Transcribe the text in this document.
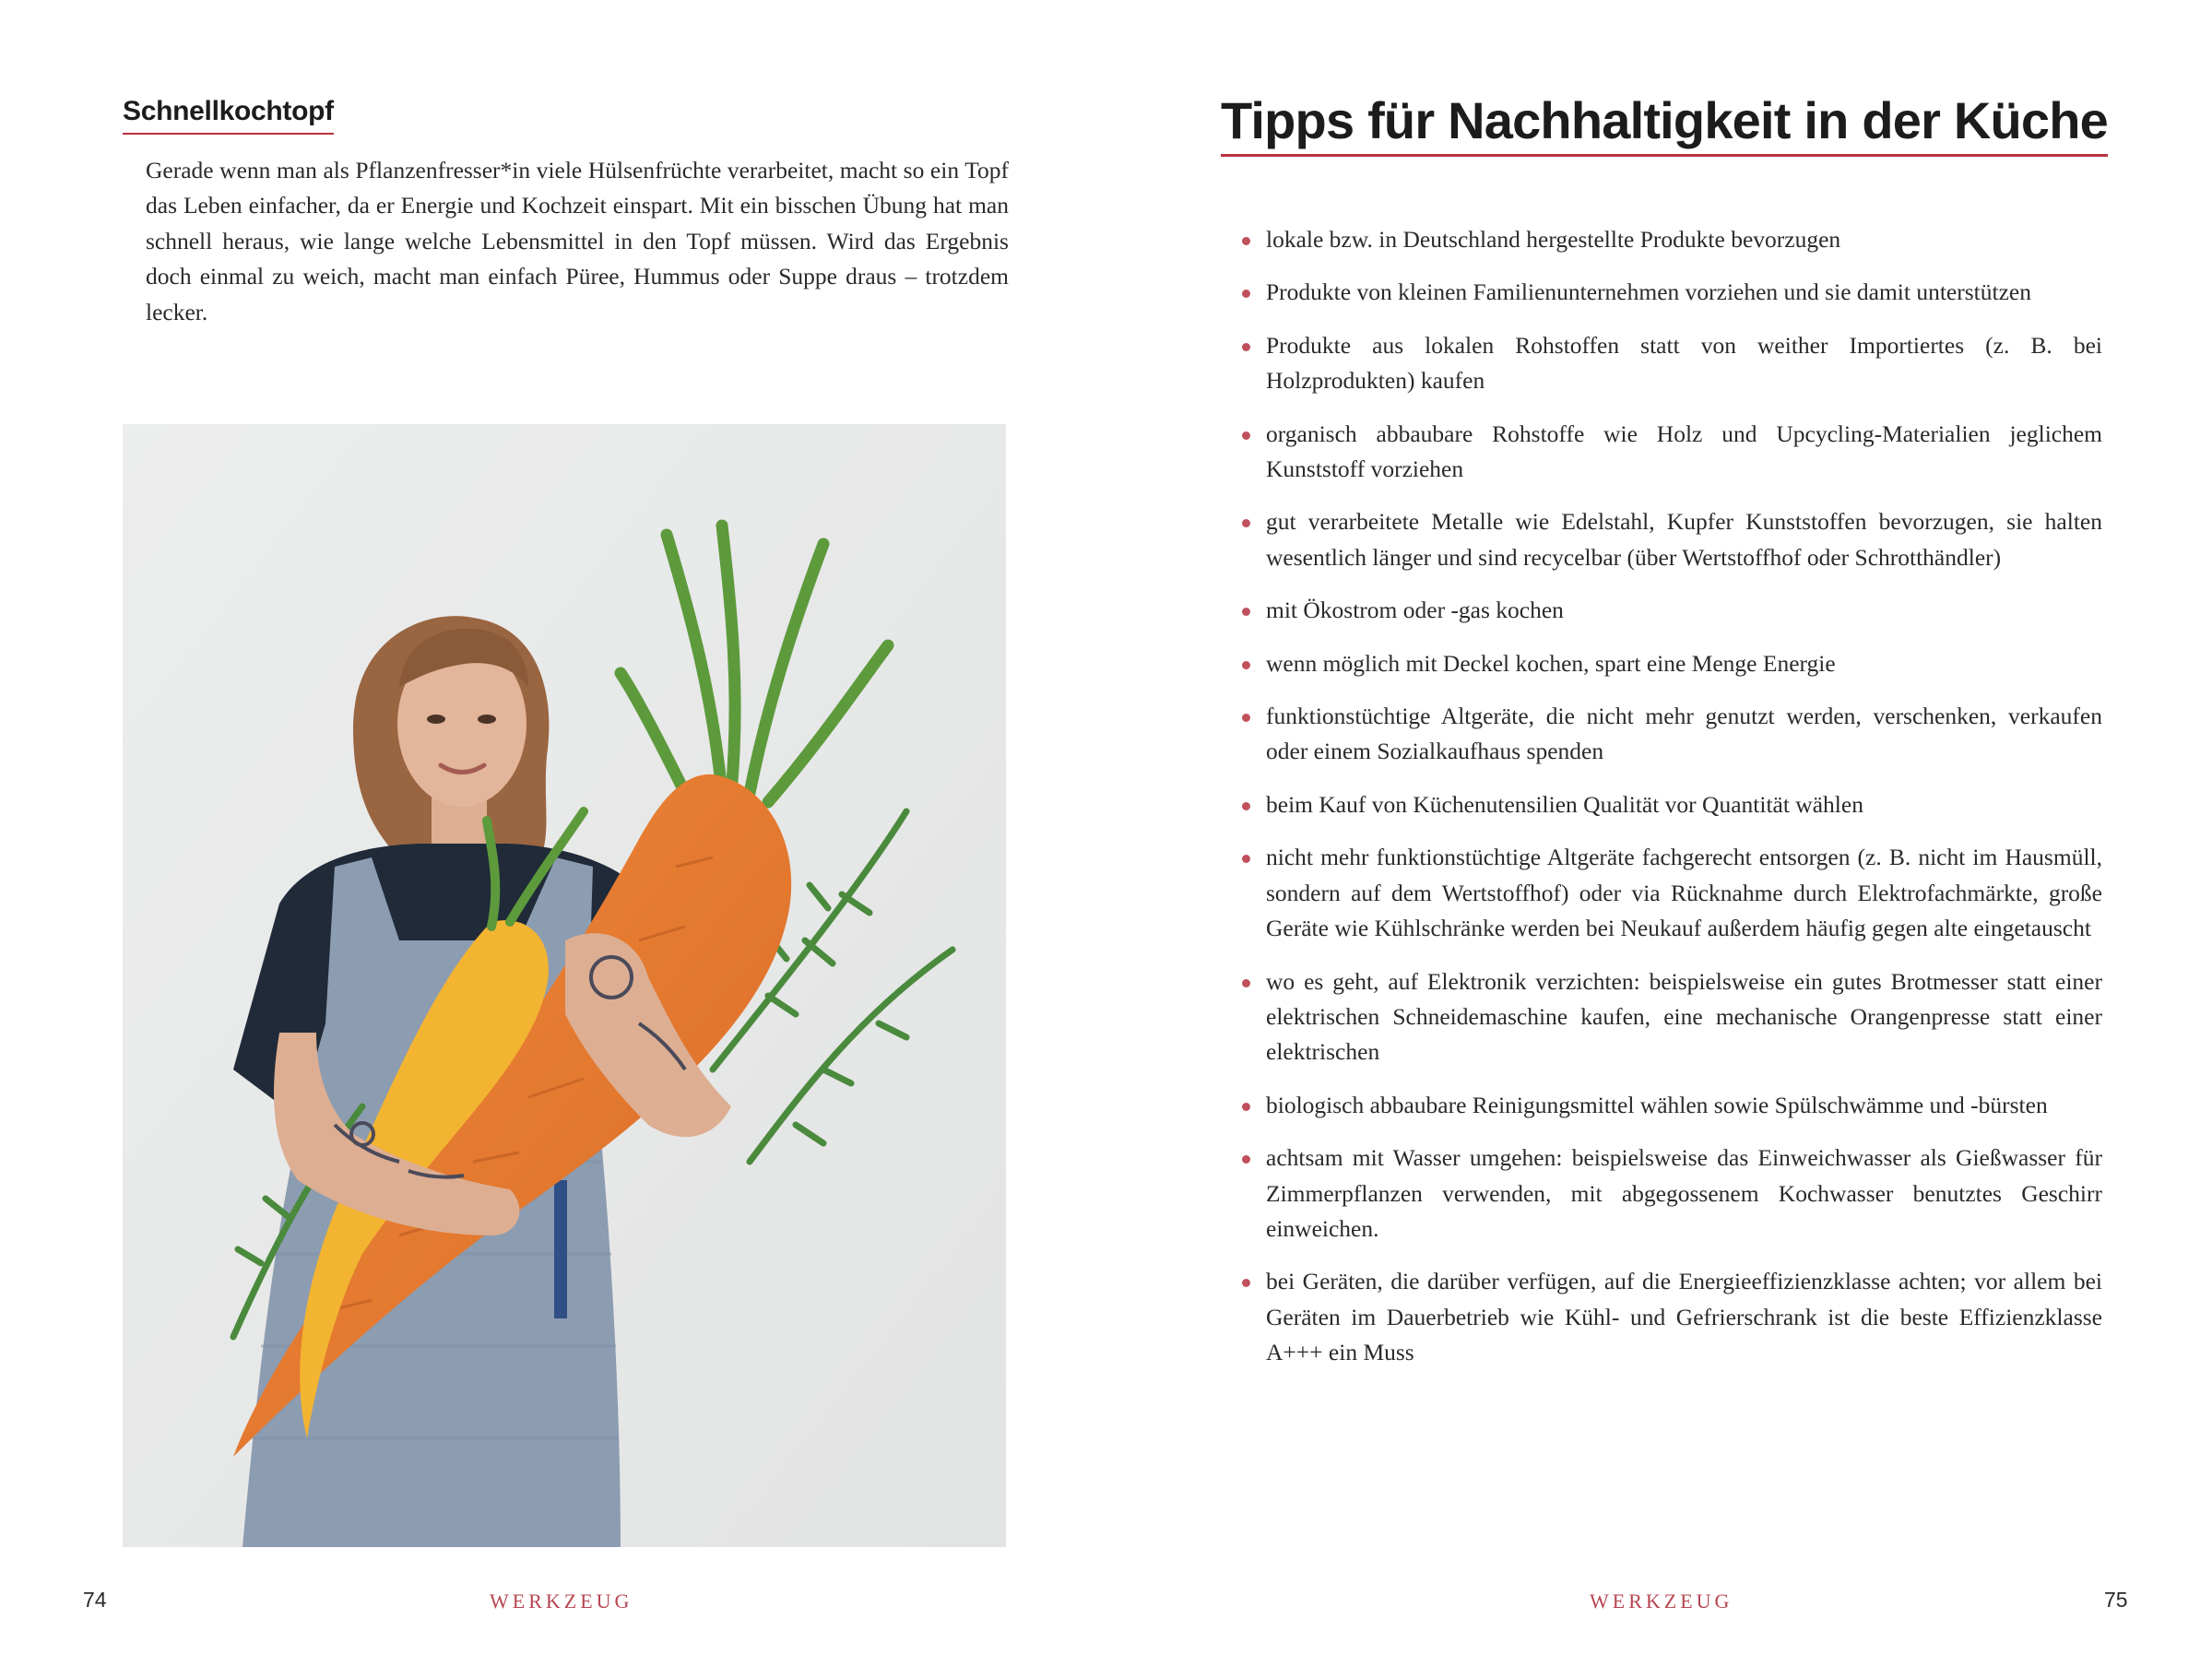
Schnellkochtopf

Gerade wenn man als Pflanzenfresser*in viele Hülsenfrüchte verarbeitet, macht so ein Topf das Leben einfacher, da er Energie und Kochzeit einspart. Mit ein bisschen Übung hat man schnell heraus, wie lange welche Lebensmittel in den Topf müssen. Wird das Ergebnis doch einmal zu weich, macht man einfach Püree, Hummus oder Suppe draus – trotzdem lecker.

74	WERKZEUG
Tipps für Nachhaltigkeit in der Küche
lokale bzw. in Deutschland hergestellte Produkte bevorzugen
Produkte von kleinen Familienunternehmen vorziehen und sie damit unterstützen
Produkte aus lokalen Rohstoffen statt von weither Importiertes (z. B. bei Holzprodukten) kaufen
organisch abbaubare Rohstoffe wie Holz und Upcycling-Materialien jeglichem Kunststoff vorziehen
gut verarbeitete Metalle wie Edelstahl, Kupfer Kunststoffen bevorzugen, sie halten wesentlich länger und sind recycelbar (über Wertstoffhof oder Schrotthändler)
mit Ökostrom oder -gas kochen
wenn möglich mit Deckel kochen, spart eine Menge Energie
funktionstüchtige Altgeräte, die nicht mehr genutzt werden, verschenken, verkaufen oder einem Sozialkaufhaus spenden
beim Kauf von Küchenutensilien Qualität vor Quantität wählen
nicht mehr funktionstüchtige Altgeräte fachgerecht entsorgen (z. B. nicht im Hausmüll, sondern auf dem Wertstoffhof) oder via Rücknahme durch Elektrofachmärkte, große Geräte wie Kühlschränke werden bei Neukauf außerdem häufig gegen alte eingetauscht
wo es geht, auf Elektronik verzichten: beispielsweise ein gutes Brotmesser statt einer elektrischen Schneidemaschine kaufen, eine mechanische Orangenpresse statt einer elektrischen
biologisch abbaubare Reinigungsmittel wählen sowie Spülschwämme und -bürsten
achtsam mit Wasser umgehen: beispielsweise das Einweichwasser als Gießwasser für Zimmerpflanzen verwenden, mit abgegossenem Kochwasser benutztes Geschirr einweichen.
bei Geräten, die darüber verfügen, auf die Energieeffizienzklasse achten; vor allem bei Geräten im Dauerbetrieb wie Kühl- und Gefrierschrank ist die beste Effizienzklasse A+++ ein Muss
WERKZEUG	75
